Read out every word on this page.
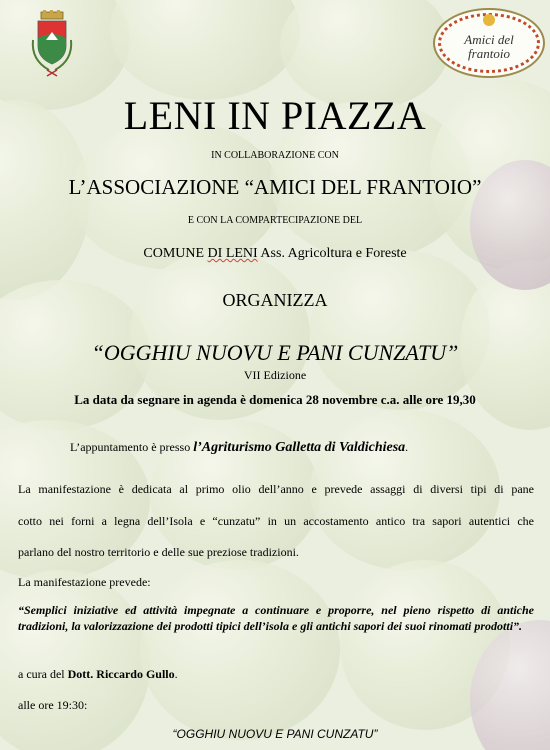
Amici del
frantoio
LENI IN PIAZZA
IN COLLABORAZIONE CON
L’ASSOCIAZIONE “AMICI DEL FRANTOIO”
E CON LA COMPARTECIPAZIONE DEL
COMUNE DI LENI Ass. Agricoltura e Foreste
ORGANIZZA
“OGGHIU NUOVU E PANI CUNZATU”
VII Edizione
La data da segnare in agenda è domenica 28 novembre c.a. alle ore 19,30
L’appuntamento è presso l’Agriturismo Galletta di Valdichiesa.
La manifestazione è dedicata al primo olio dell’anno e prevede assaggi di diversi tipi di pane
cotto nei forni a legna dell’Isola e “cunzatu” in un accostamento antico tra sapori autentici che
parlano del nostro territorio e delle sue preziose tradizioni.
La manifestazione prevede:
“Semplici iniziative ed attività impegnate a continuare e proporre, nel pieno rispetto di antiche tradizioni, la valorizzazione dei prodotti tipici dell’isola e gli antichi sapori dei suoi rinomati prodotti”.
a cura del Dott. Riccardo Gullo.
alle ore 19:30:
“OGGHIU NUOVU E PANI CUNZATU”
